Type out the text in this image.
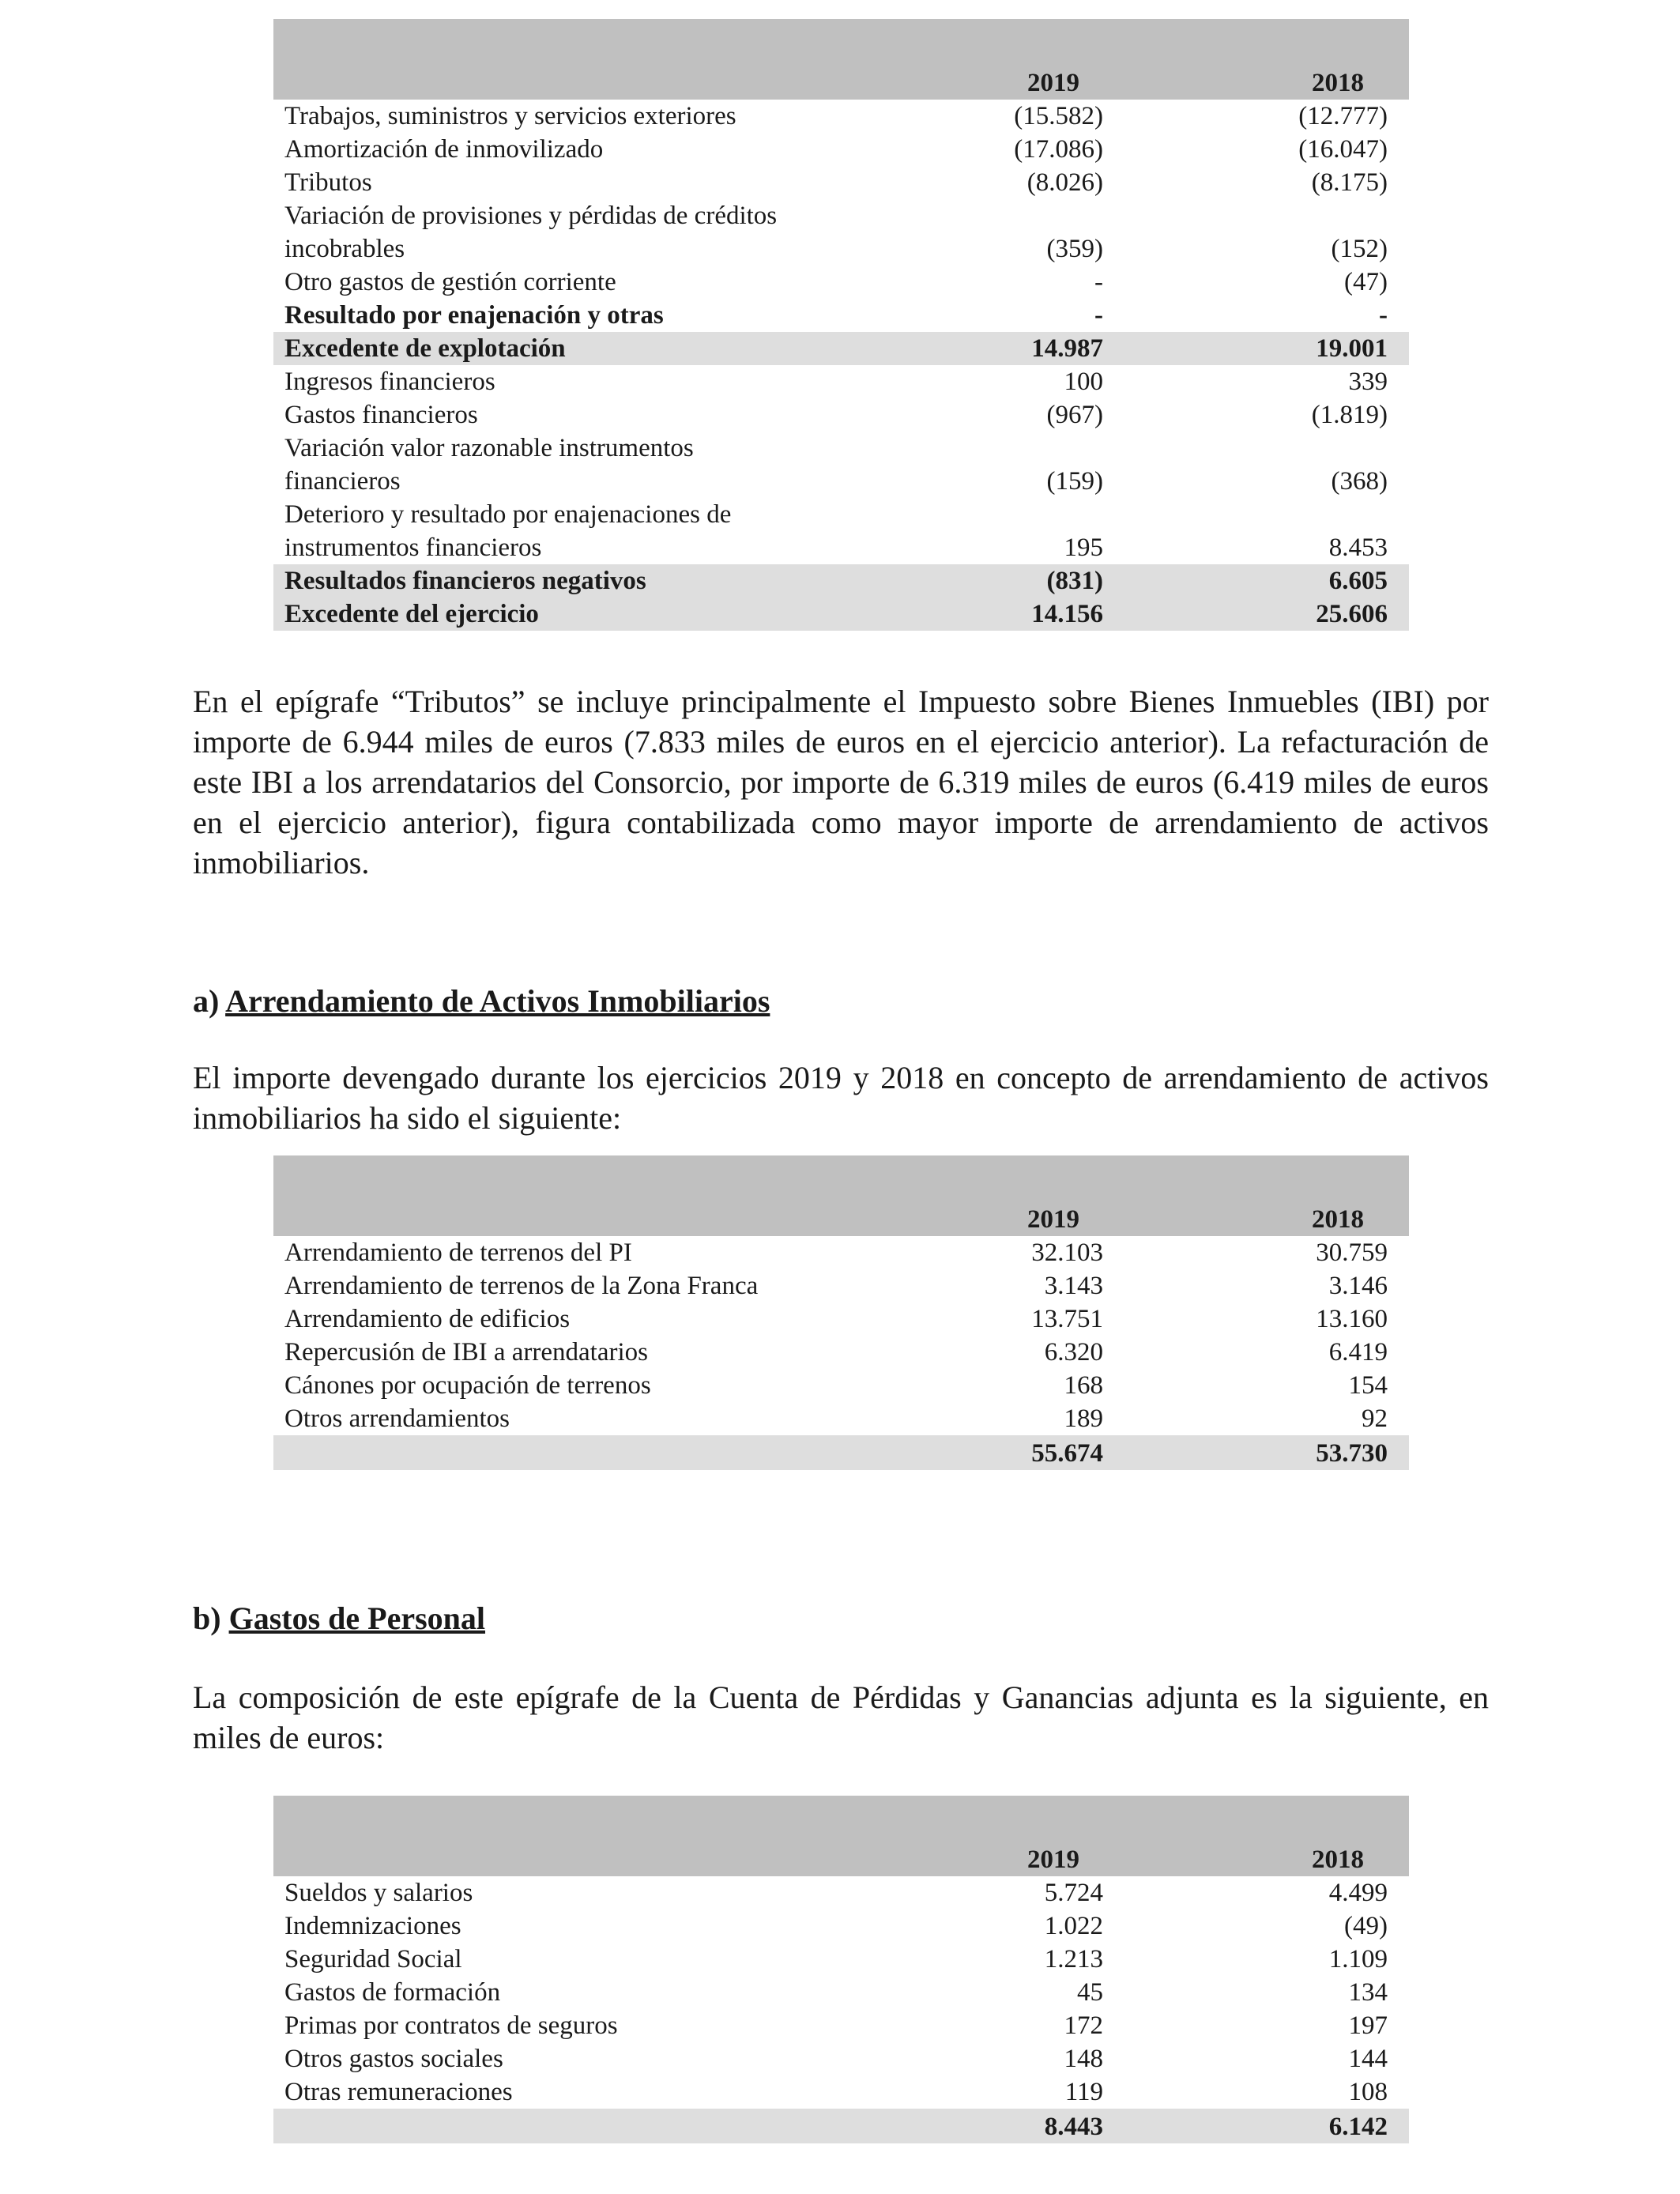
	2019	2018	
Trabajos, suministros y servicios exteriores	(15.582)	(12.777)	
Amortización de inmovilizado	(17.086)	(16.047)	
Tributos	(8.026)	(8.175)	
Variación de provisiones y pérdidas de créditos			
incobrables	(359)	(152)	
Otro gastos de gestión corriente	-	(47)	
Resultado por enajenación y otras	-	-	
Excedente de explotación	14.987	19.001	
Ingresos financieros	100	339	
Gastos financieros	(967)	(1.819)	
Variación valor razonable instrumentos			
financieros	(159)	(368)	
Deterioro y resultado por enajenaciones de			
instrumentos financieros	195	8.453	
Resultados financieros negativos	(831)	6.605	
Excedente del ejercicio	14.156	25.606	

En el epígrafe “Tributos” se incluye principalmente el Impuesto sobre Bienes Inmuebles (IBI) por importe de 6.944 miles de euros (7.833 miles de euros en el ejercicio anterior). La refacturación de este IBI a los arrendatarios del Consorcio, por importe de 6.319 miles de euros (6.419 miles de euros en el ejercicio anterior), figura contabilizada como mayor importe de arrendamiento de activos inmobiliarios.

a) Arrendamiento de Activos Inmobiliarios

El importe devengado durante los ejercicios 2019 y 2018 en concepto de arrendamiento de activos inmobiliarios ha sido el siguiente:

	2019	2018	
Arrendamiento de terrenos del PI	32.103	30.759	
Arrendamiento de terrenos de la Zona Franca	3.143	3.146	
Arrendamiento de edificios	13.751	13.160	
Repercusión de IBI a arrendatarios	6.320	6.419	
Cánones por ocupación de terrenos	168	154	
Otros arrendamientos	189	92	
	55.674	53.730	

b) Gastos de Personal

La composición de este epígrafe de la Cuenta de Pérdidas y Ganancias adjunta es la siguiente, en miles de euros:

	2019	2018	
Sueldos y salarios	5.724	4.499	
Indemnizaciones	1.022	(49)	
Seguridad Social	1.213	1.109	
Gastos de formación	45	134	
Primas por contratos de seguros	172	197	
Otros gastos sociales	148	144	
Otras remuneraciones	119	108	
	8.443	6.142	
